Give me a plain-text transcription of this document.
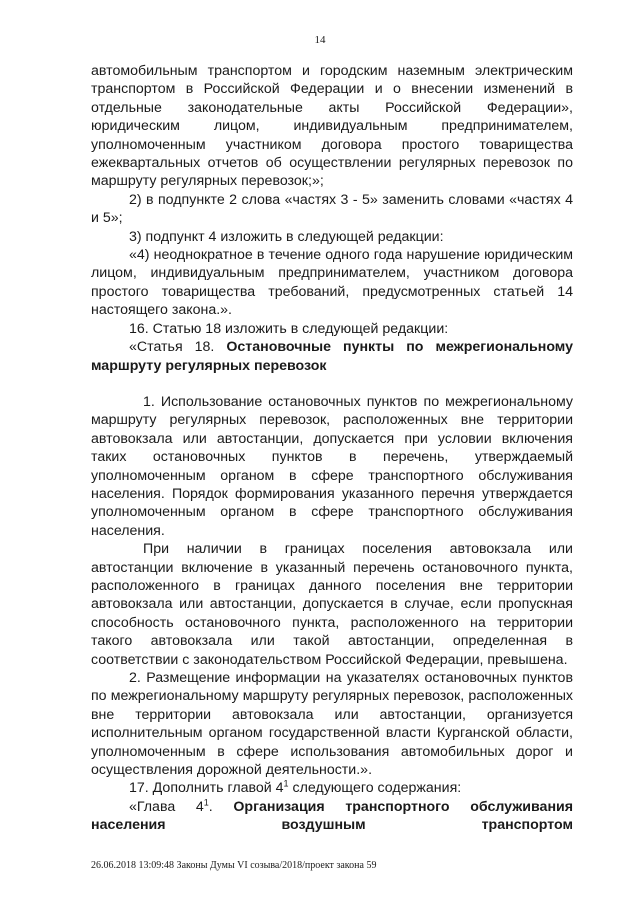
14

автомобильным транспортом и городским наземным электрическим транспортом в Российской Федерации и о внесении изменений в отдельные законодательные акты Российской Федерации», юридическим лицом, индивидуальным предпринимателем, уполномоченным участником договора простого товарищества ежеквартальных отчетов об осуществлении регулярных перевозок по маршруту регулярных перевозок;»;

2) в подпункте 2 слова «частях 3 - 5» заменить словами «частях 4 и 5»;

3) подпункт 4 изложить в следующей редакции:

«4) неоднократное в течение одного года нарушение юридическим лицом, индивидуальным предпринимателем, участником договора простого товарищества требований, предусмотренных статьей 14 настоящего закона.».

16. Статью 18 изложить в следующей редакции:

«Статья 18. Остановочные пункты по межрегиональному маршруту регулярных перевозок

1. Использование остановочных пунктов по межрегиональному маршруту регулярных перевозок, расположенных вне территории автовокзала или автостанции, допускается при условии включения таких остановочных пунктов в перечень, утверждаемый уполномоченным органом в сфере транспортного обслуживания населения. Порядок формирования указанного перечня утверждается уполномоченным органом в сфере транспортного обслуживания населения.

При наличии в границах поселения автовокзала или автостанции включение в указанный перечень остановочного пункта, расположенного в границах данного поселения вне территории автовокзала или автостанции, допускается в случае, если пропускная способность остановочного пункта, расположенного на территории такого автовокзала или такой автостанции, определенная в соответствии с законодательством Российской Федерации, превышена.

2. Размещение информации на указателях остановочных пунктов по межрегиональному маршруту регулярных перевозок, расположенных вне территории автовокзала или автостанции, организуется исполнительным органом государственной власти Курганской области, уполномоченным в сфере использования автомобильных дорог и осуществления дорожной деятельности.».

17. Дополнить главой $4^1$ следующего содержания:

«Глава $4^1$. Организация транспортного обслуживания населения воздушным транспортом

26.06.2018 13:09:48 Законы Думы VI созыва/2018/проект закона 59
